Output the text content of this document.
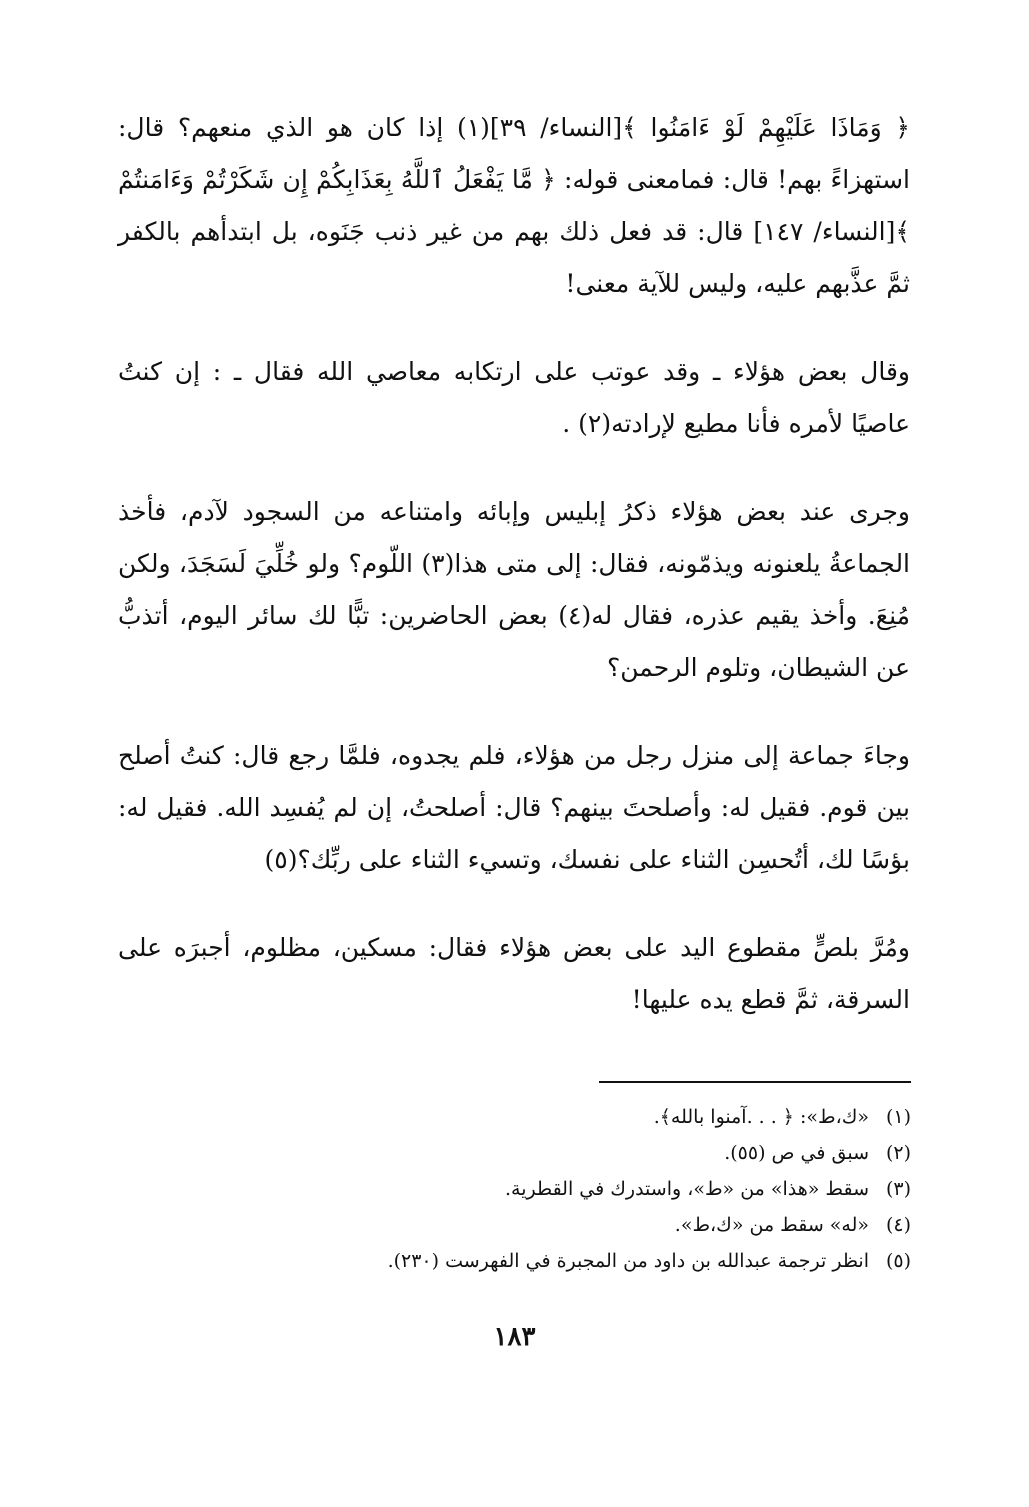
﴿ وَمَاذَا عَلَيْهِمْ لَوْ ءَامَنُوا ﴾[النساء/ ٣٩](١) إذا كان هو الذي منعهم؟ قال: استهزاءً بهم! قال: فمامعنى قوله: ﴿ مَّا يَفْعَلُ ٱللَّهُ بِعَذَابِكُمْ إِن شَكَرْتُمْ وَءَامَنتُمْ ﴾[النساء/ ١٤٧] قال: قد فعل ذلك بهم من غير ذنب جَنَوه، بل ابتدأهم بالكفر ثمَّ عذَّبهم عليه، وليس للآية معنى!

وقال بعض هؤلاء ـ وقد عوتب على ارتكابه معاصي الله فقال ـ : إن كنتُ عاصيًا لأمره فأنا مطيع لإرادته(٢) .

وجرى عند بعض هؤلاء ذكرُ إبليس وإبائه وامتناعه من السجود لآدم، فأخذ الجماعةُ يلعنونه ويذمّونه، فقال: إلى متى هذا(٣) اللّوم؟ ولو خُلِّيَ لَسَجَدَ، ولكن مُنِعَ. وأخذ يقيم عذره، فقال له(٤) بعض الحاضرين: تبًّا لك سائر اليوم، أتذبُّ عن الشيطان، وتلوم الرحمن؟

وجاءَ جماعة إلى منزل رجل من هؤلاء، فلم يجدوه، فلمَّا رجع قال: كنتُ أصلح بين قوم. فقيل له: وأصلحتَ بينهم؟ قال: أصلحتُ، إن لم يُفسِد الله. فقيل له: بؤسًا لك، أتُحسِن الثناء على نفسك، وتسيء الثناء على ربِّك؟(٥)

ومُرَّ بلصٍّ مقطوع اليد على بعض هؤلاء فقال: مسكين، مظلوم، أجبرَه على السرقة، ثمَّ قطع يده عليها!

(١)
«ك،ط»: ﴿ . . .آمنوا بالله﴾.
(٢)
سبق في ص (٥٥).
(٣)
سقط «هذا» من «ط»، واستدرك في القطرية.
(٤)
«له» سقط من «ك،ط».
(٥)
انظر ترجمة عبدالله بن داود من المجبرة في الفهرست (٢٣٠).
١٨٣
